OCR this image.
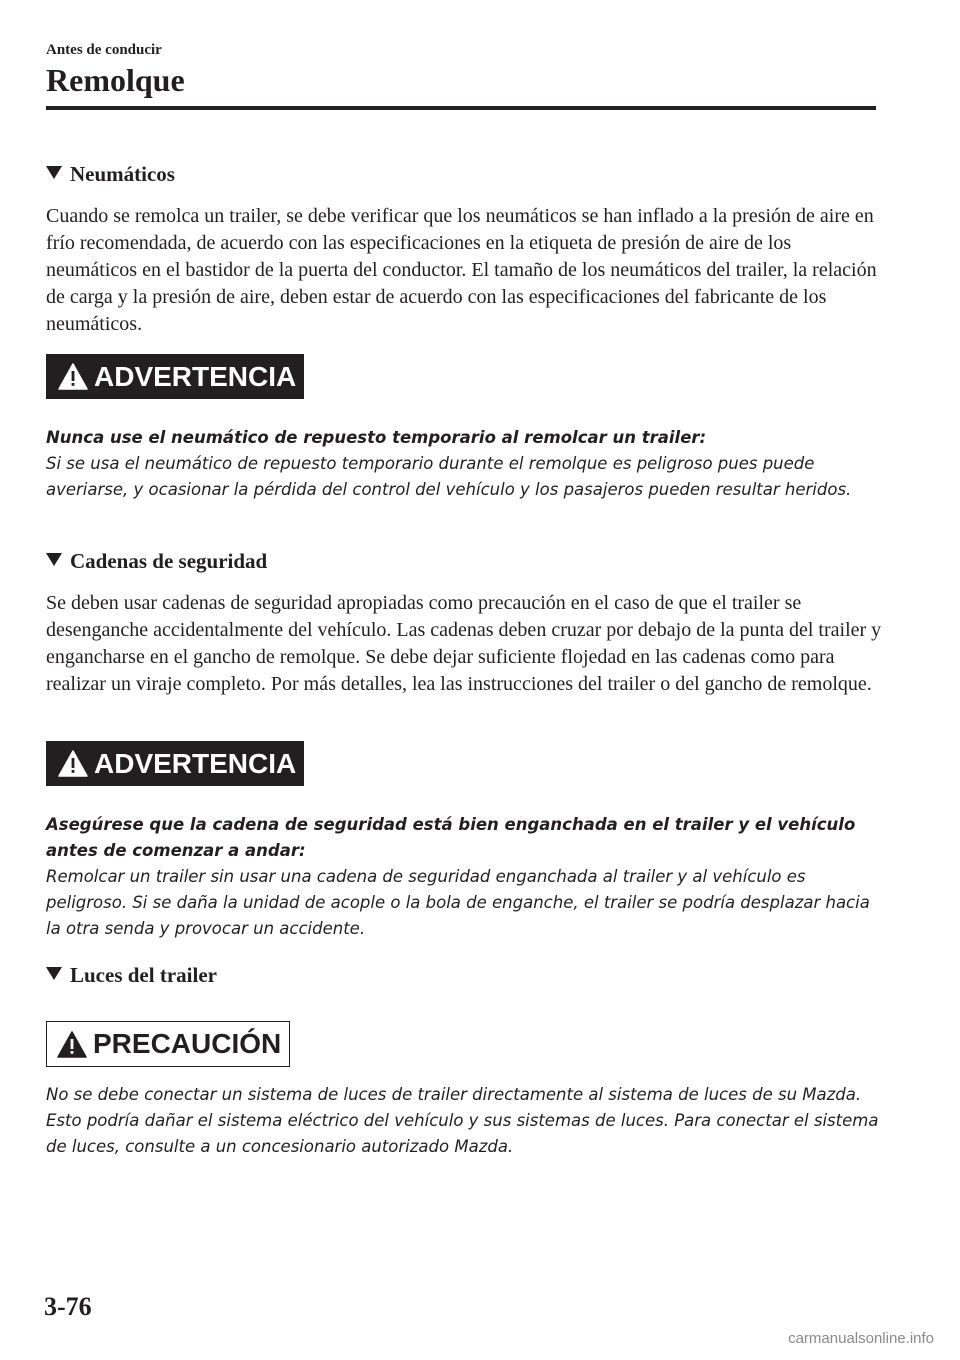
Antes de conducir
Remolque
Neumáticos

Cuando se remolca un trailer, se debe verificar que los neumáticos se han inflado a la presión de aire en frío recomendada, de acuerdo con las especificaciones en la etiqueta de presión de aire de los neumáticos en el bastidor de la puerta del conductor. El tamaño de los neumáticos del trailer, la relación de carga y la presión de aire, deben estar de acuerdo con las especificaciones del fabricante de los neumáticos.

ADVERTENCIA

Nunca use el neumático de repuesto temporario al remolcar un trailer:
Si se usa el neumático de repuesto temporario durante el remolque es peligroso pues puede averiarse, y ocasionar la pérdida del control del vehículo y los pasajeros pueden resultar heridos.

Cadenas de seguridad

Se deben usar cadenas de seguridad apropiadas como precaución en el caso de que el trailer se desenganche accidentalmente del vehículo. Las cadenas deben cruzar por debajo de la punta del trailer y engancharse en el gancho de remolque. Se debe dejar suficiente flojedad en las cadenas como para realizar un viraje completo. Por más detalles, lea las instrucciones del trailer o del gancho de remolque.

ADVERTENCIA

Asegúrese que la cadena de seguridad está bien enganchada en el trailer y el vehículo antes de comenzar a andar:
Remolcar un trailer sin usar una cadena de seguridad enganchada al trailer y al vehículo es peligroso. Si se daña la unidad de acople o la bola de enganche, el trailer se podría desplazar hacia la otra senda y provocar un accidente.

Luces del trailer
PRECAUCIÓN

No se debe conectar un sistema de luces de trailer directamente al sistema de luces de su Mazda. Esto podría dañar el sistema eléctrico del vehículo y sus sistemas de luces. Para conectar el sistema de luces, consulte a un concesionario autorizado Mazda.

3-76
carmanualsonline.info
